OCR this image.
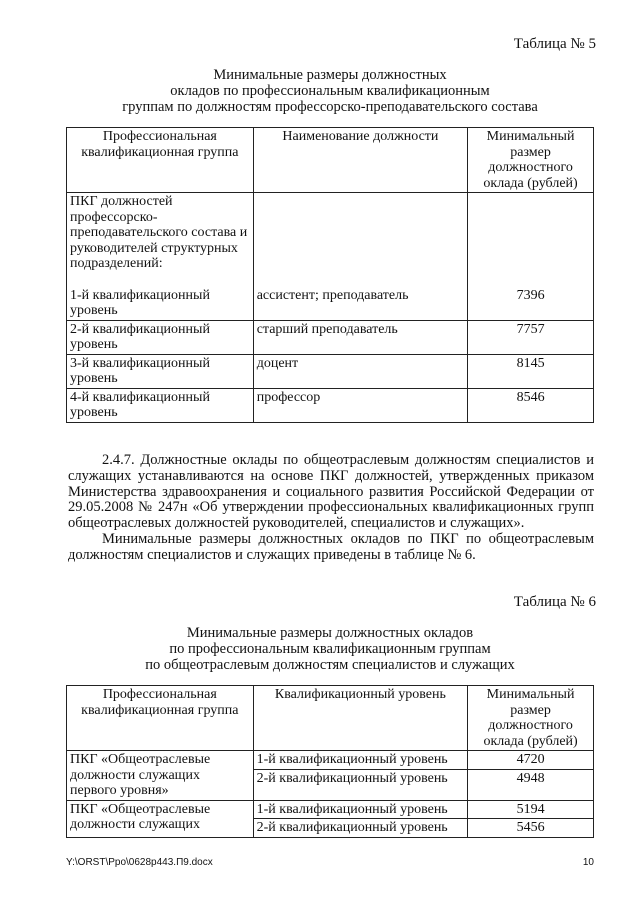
Таблица № 5
Минимальные размеры должностных
окладов по профессиональным квалификационным
группам по должностям профессорско-преподавательского состава
Профессиональная квалификационная группа	Наименование должности	Минимальный размер должностного оклада (рублей)

ПКГ должностей профессорско-преподавательского состава и руководителей структурных подразделений:
1-й квалификационный уровень	ассистент; преподаватель	7396

2-й квалификационный уровень	старший преподаватель	7757
3-й квалификационный уровень	доцент	8145
4-й квалификационный уровень	профессор	8546

2.4.7. Должностные оклады по общеотраслевым должностям специалистов и служащих устанавливаются на основе ПКГ должностей, утвержденных приказом Министерства здравоохранения и социального развития Российской Федерации от 29.05.2008 № 247н «Об утверждении профессиональных квалификационных групп общеотраслевых должностей руководителей, специалистов и служащих».

Минимальные размеры должностных окладов по ПКГ по общеотраслевым должностям специалистов и служащих приведены в таблице № 6.

Таблица № 6
Минимальные размеры должностных окладов
по профессиональным квалификационным группам
по общеотраслевым должностям специалистов и служащих
Профессиональная квалификационная группа	Квалификационный уровень	Минимальный размер должностного оклада (рублей)
ПКГ «Общеотраслевые должности служащих первого уровня»	1-й квалификационный уровень	4720
	2-й квалификационный уровень	4948
ПКГ «Общеотраслевые должности служащих	1-й квалификационный уровень	5194
	2-й квалификационный уровень	5456
Y:\ORST\Ppo\0628p443.П9.docx	10
